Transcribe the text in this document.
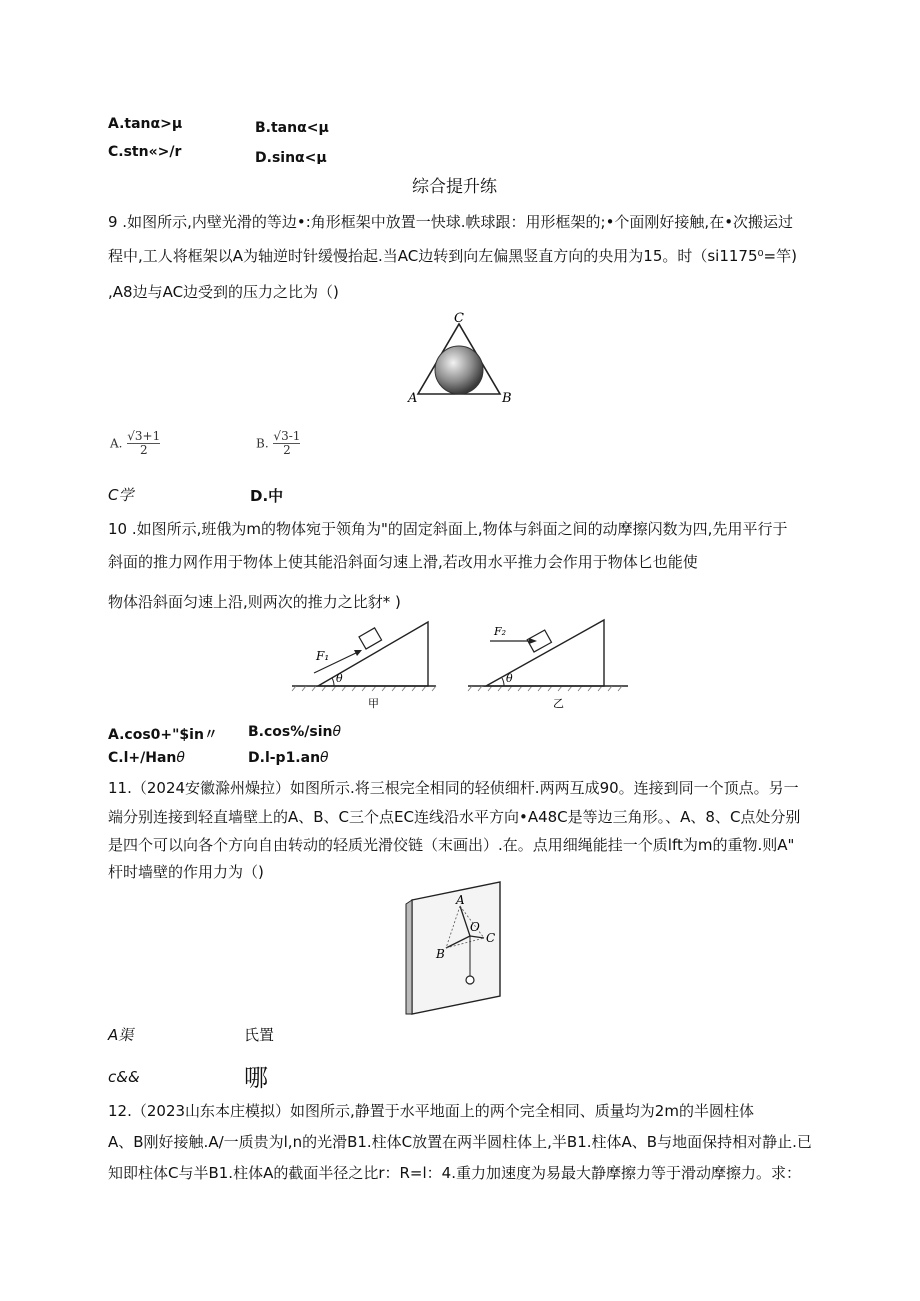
A.tanα>μ	B.tanα<μ
C.stn«>/r	D.sinα<μ
综合提升练
9 .如图所示,内壁光滑的等边•:角形框架中放置一快球.帙球跟：用形框架的;•个面刚好接触,在•次搬运过
程中,工人将框架以A为轴逆时针缓慢抬起.当AC边转到向左偏黑竖直方向的央用为15。时（si1175⁰=竿)
,A8边与AC边受到的压力之比为（)
C
A	B
A. $\frac{√3+1}{2}$	B. $\frac{√3-1}{2}$
C学	D.中
10 .如图所示,班俄为m的物体宛于领角为"的固定斜面上,物体与斜面之间的动摩擦闪数为四,先用平行于
斜面的推力网作用于物体上使其能沿斜面匀速上滑,若改用水平推力会作用于物体匕也能使
物体沿斜面匀速上沿,则两次的推力之比豺* )
F₁
θ
甲
F₂
θ
乙
A.cos0+"$in〃 B.cos%/sinθ
C.l+/Hanθ	D.l-p1.anθ
11.（2024安徽滁州燥拉）如图所示.将三根完全相同的轻侦细杆.两两互成90。连接到同一个顶点。另一
端分别连接到轻直墙壁上的A、B、C三个点EC连线沿水平方向•A48C是等边三角形。、A、8、C点处分别
是四个可以向各个方向自由转动的轻质光滑佼链（末画出）.在。点用细绳能挂一个质lft为m的重物.则A"
杆时墙壁的作用力为（)
A
O
C
B
A渠	氏置
c&&	哪
12.（2023山东本庄模拟）如图所示,静置于水平地面上的两个完全相同、质量均为2m的半圆柱体
A、B刚好接触.A/一质贵为l,n的光滑B1.柱体C放置在两半圆柱体上,半B1.柱体A、B与地面保持相对静止.已
知即柱体C与半B1.柱体A的截面半径之比r：R=l：4.重力加速度为易最大静摩擦力等于滑动摩擦力。求：
